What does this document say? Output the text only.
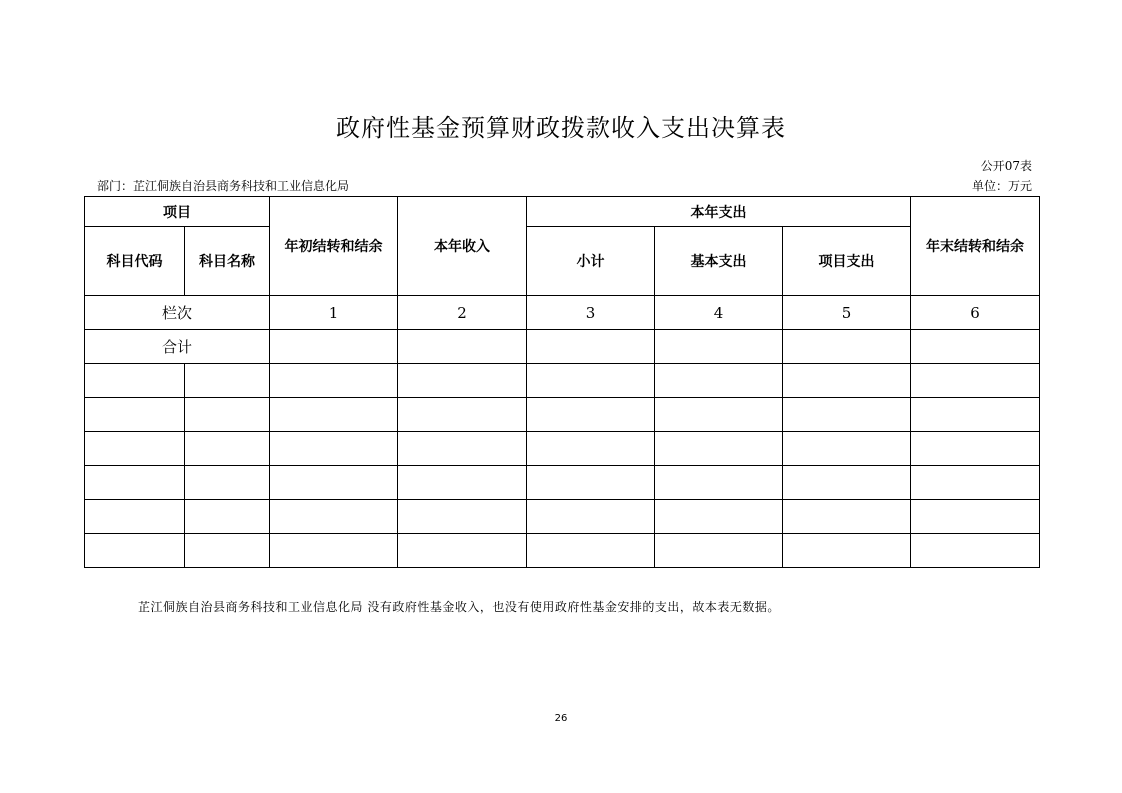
政府性基金预算财政拨款收入支出决算表
公开07表
部门：芷江侗族自治县商务科技和工业信息化局	单位：万元
项目		年初结转和结余	本年收入	本年支出			年末结转和结余
科目代码	科目名称			小计	基本支出	项目支出	
栏次		1	2	3	4	5	6
合计							

芷江侗族自治县商务科技和工业信息化局 没有政府性基金收入，也没有使用政府性基金安排的支出，故本表无数据。
26
